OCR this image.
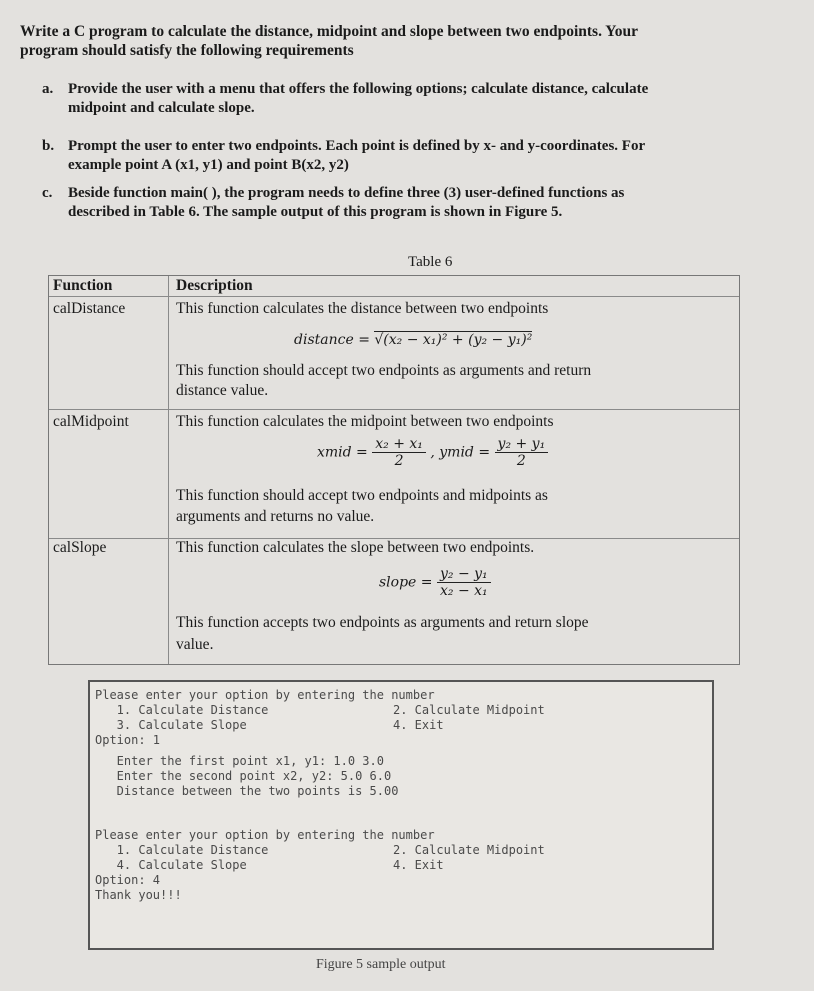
Write a C program to calculate the distance, midpoint and slope between two endpoints. Your

program should satisfy the following requirements

a. Provide the user with a menu that offers the following options; calculate distance, calculate
midpoint and calculate slope.
b. Prompt the user to enter two endpoints. Each point is defined by x- and y-coordinates. For
example point A (x1, y1) and point B(x2, y2)
c. Beside function main( ), the program needs to define three (3) user-defined functions as
described in Table 6. The sample output of this program is shown in Figure 5.
Table 6
Function	Description
calDistance	This function calculates the distance between two endpoints
distance = √(x₂ − x₁)² + (y₂ − y₁)²
This function should accept two endpoints as arguments and return
distance value.
calMidpoint	This function calculates the midpoint between two endpoints
xmid = $\frac{\text{x₂ + x₁}}{2}$ , ymid = $\frac{\text{y₂ + y₁}}{2}$
This function should accept two endpoints and midpoints as
arguments and returns no value.
calSlope	This function calculates the slope between two endpoints.
slope = $\frac{\text{y₂ − y₁}}{\text{x₂ − x₁}}$
This function accepts two endpoints as arguments and return slope
value.
Please enter your option by entering the number
1. Calculate Distance	2. Calculate Midpoint
3. Calculate Slope	4. Exit
Option: 1
Enter the first point x1, y1: 1.0 3.0
Enter the second point x2, y2: 5.0 6.0
Distance between the two points is 5.00
Please enter your option by entering the number
1. Calculate Distance	2. Calculate Midpoint
4. Calculate Slope	4. Exit
Option: 4
Thank you!!!
Figure 5 sample output
